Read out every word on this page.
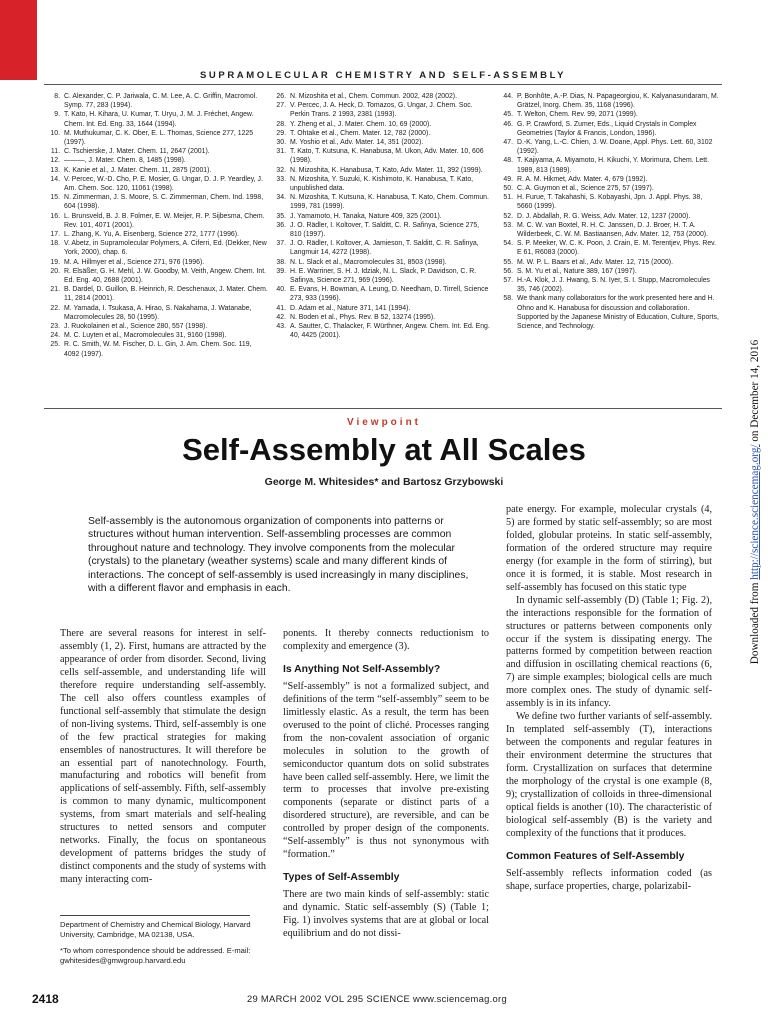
SUPRAMOLECULAR CHEMISTRY AND SELF-ASSEMBLY
8. C. Alexander, C. P. Jariwala, C. M. Lee, A. C. Griffin, Macromol. Symp. 77, 283 (1994).
9. T. Kato, H. Kihara, U. Kumar, T. Uryu, J. M. J. Fréchet, Angew. Chem. Int. Ed. Eng. 33, 1644 (1994).
10. M. Muthukumar, C. K. Ober, E. L. Thomas, Science 277, 1225 (1997).
11. C. Tschierske, J. Mater. Chem. 11, 2647 (2001).
12. ———, J. Mater. Chem. 8, 1485 (1998).
13. K. Kanie et al., J. Mater. Chem. 11, 2875 (2001).
14. V. Percec, W.-D. Cho, P. E. Mosier, G. Ungar, D. J. P. Yeardley, J. Am. Chem. Soc. 120, 11061 (1998).
15. N. Zimmerman, J. S. Moore, S. C. Zimmerman, Chem. Ind. 1998, 604 (1998).
16. L. Brunsveld, B. J. B. Folmer, E. W. Meijer, R. P. Sijbesma, Chem. Rev. 101, 4071 (2001).
17. L. Zhang, K. Yu, A. Eisenberg, Science 272, 1777 (1996).
18. V. Abetz, in Supramolecular Polymers, A. Ciferri, Ed. (Dekker, New York, 2000), chap. 6.
19. M. A. Hillmyer et al., Science 271, 976 (1996).
20. R. Elsäßer, G. H. Mehl, J. W. Goodby, M. Veith, Angew. Chem. Int. Ed. Eng. 40, 2688 (2001).
21. B. Dardel, D. Guillon, B. Heinrich, R. Deschenaux, J. Mater. Chem. 11, 2814 (2001).
22. M. Yamada, I. Tsukasa, A. Hirao, S. Nakahama, J. Watanabe, Macromolecules 28, 50 (1995).
23. J. Ruokolainen et al., Science 280, 557 (1998).
24. M. C. Luyten et al., Macromolecules 31, 9160 (1998).
25. R. C. Smith, W. M. Fischer, D. L. Gin, J. Am. Chem. Soc. 119, 4092 (1997).
26. N. Mizoshita et al., Chem. Commun. 2002, 428 (2002).
27. V. Percec, J. A. Heck, D. Tomazos, G. Ungar, J. Chem. Soc. Perkin Trans. 2 1993, 2381 (1993).
28. Y. Zheng et al., J. Mater. Chem. 10, 69 (2000).
29. T. Ohtake et al., Chem. Mater. 12, 782 (2000).
30. M. Yoshio et al., Adv. Mater. 14, 351 (2002).
31. T. Kato, T. Kutsuna, K. Hanabusa, M. Ukon, Adv. Mater. 10, 606 (1998).
32. N. Mizoshita, K. Hanabusa, T. Kato, Adv. Mater. 11, 392 (1999).
33. N. Mizoshita, Y. Suzuki, K. Kishimoto, K. Hanabusa, T. Kato, unpublished data.
34. N. Mizoshita, T. Kutsuna, K. Hanabusa, T. Kato, Chem. Commun. 1999, 781 (1999).
35. J. Yamamoto, H. Tanaka, Nature 409, 325 (2001).
36. J. O. Rädler, I. Koltover, T. Salditt, C. R. Safinya, Science 275, 810 (1997).
37. J. O. Rädler, I. Koltover, A. Jamieson, T. Salditt, C. R. Safinya, Langmuir 14, 4272 (1998).
38. N. L. Slack et al., Macromolecules 31, 8503 (1998).
39. H. E. Warriner, S. H. J. Idziak, N. L. Slack, P. Davidson, C. R. Safinya, Science 271, 969 (1996).
40. E. Evans, H. Bowman, A. Leung, D. Needham, D. Tirrell, Science 273, 933 (1996).
41. D. Adam et al., Nature 371, 141 (1994).
42. N. Boden et al., Phys. Rev. B 52, 13274 (1995).
43. A. Sautter, C. Thalacker, F. Würthner, Angew. Chem. Int. Ed. Eng. 40, 4425 (2001).
44. P. Bonhôte, A.-P. Dias, N. Papageorgiou, K. Kalyanasundaram, M. Grätzel, Inorg. Chem. 35, 1168 (1996).
45. T. Welton, Chem. Rev. 99, 2071 (1999).
46. G. P. Crawford, S. Zumer, Eds., Liquid Crystals in Complex Geometries (Taylor & Francis, London, 1996).
47. D.-K. Yang, L.-C. Chien, J. W. Doane, Appl. Phys. Lett. 60, 3102 (1992).
48. T. Kajiyama, A. Miyamoto, H. Kikuchi, Y. Morimura, Chem. Lett. 1989, 813 (1989).
49. R. A. M. Hikmet, Adv. Mater. 4, 679 (1992).
50. C. A. Guymon et al., Science 275, 57 (1997).
51. H. Furue, T. Takahashi, S. Kobayashi, Jpn. J. Appl. Phys. 38, 5660 (1999).
52. D. J. Abdallah, R. G. Weiss, Adv. Mater. 12, 1237 (2000).
53. M. C. W. van Boxtel, R. H. C. Janssen, D. J. Broer, H. T. A. Wilderbeek, C. W. M. Bastiaansen, Adv. Mater. 12, 753 (2000).
54. S. P. Meeker, W. C. K. Poon, J. Crain, E. M. Terentjev, Phys. Rev. E 61, R6083 (2000).
55. M. W. P. L. Baars et al., Adv. Mater. 12, 715 (2000).
56. S. M. Yu et al., Nature 389, 167 (1997).
57. H.-A. Klok, J. J. Hwang, S. N. Iyer, S. I. Stupp, Macromolecules 35, 746 (2002).
58. We thank many collaborators for the work presented here and H. Ohno and K. Hanabusa for discussion and collaboration. Supported by the Japanese Ministry of Education, Culture, Sports, Science, and Technology.
Viewpoint
Self-Assembly at All Scales
George M. Whitesides* and Bartosz Grzybowski
Self-assembly is the autonomous organization of components into patterns or structures without human intervention. Self-assembling processes are common throughout nature and technology. They involve components from the molecular (crystals) to the planetary (weather systems) scale and many different kinds of interactions. The concept of self-assembly is used increasingly in many disciplines, with a different flavor and emphasis in each.

There are several reasons for interest in self-assembly (1, 2). First, humans are attracted by the appearance of order from disorder. Second, living cells self-assemble, and understanding life will therefore require understanding self-assembly. The cell also offers countless examples of functional self-assembly that stimulate the design of non-living systems. Third, self-assembly is one of the few practical strategies for making ensembles of nanostructures. It will therefore be an essential part of nanotechnology. Fourth, manufacturing and robotics will benefit from applications of self-assembly. Fifth, self-assembly is common to many dynamic, multicomponent systems, from smart materials and self-healing structures to netted sensors and computer networks. Finally, the focus on spontaneous development of patterns bridges the study of distinct components and the study of systems with many interacting com-

ponents. It thereby connects reductionism to complexity and emergence (3).

Is Anything Not Self-Assembly?

“Self-assembly” is not a formalized subject, and definitions of the term “self-assembly” seem to be limitlessly elastic. As a result, the term has been overused to the point of cliché. Processes ranging from the non-covalent association of organic molecules in solution to the growth of semiconductor quantum dots on solid substrates have been called self-assembly. Here, we limit the term to processes that involve pre-existing components (separate or distinct parts of a disordered structure), are reversible, and can be controlled by proper design of the components. “Self-assembly” is thus not synonymous with “formation.”

Types of Self-Assembly

There are two main kinds of self-assembly: static and dynamic. Static self-assembly (S) (Table 1; Fig. 1) involves systems that are at global or local equilibrium and do not dissi-

pate energy. For example, molecular crystals (4, 5) are formed by static self-assembly; so are most folded, globular proteins. In static self-assembly, formation of the ordered structure may require energy (for example in the form of stirring), but once it is formed, it is stable. Most research in self-assembly has focused on this static type

In dynamic self-assembly (D) (Table 1; Fig. 2), the interactions responsible for the formation of structures or patterns between components only occur if the system is dissipating energy. The patterns formed by competition between reaction and diffusion in oscillating chemical reactions (6, 7) are simple examples; biological cells are much more complex ones. The study of dynamic self-assembly is in its infancy.

We define two further variants of self-assembly. In templated self-assembly (T), interactions between the components and regular features in their environment determine the structures that form. Crystallization on surfaces that determine the morphology of the crystal is one example (8, 9); crystallization of colloids in three-dimensional optical fields is another (10). The characteristic of biological self-assembly (B) is the variety and complexity of the functions that it produces.

Common Features of Self-Assembly

Self-assembly reflects information coded (as shape, surface properties, charge, polarizabil-

Department of Chemistry and Chemical Biology, Harvard University, Cambridge, MA 02138, USA.
*To whom correspondence should be addressed. E-mail: gwhitesides@gmwgroup.harvard.edu
2418	29 MARCH 2002 VOL 295 SCIENCE www.sciencemag.org
Downloaded from http://science.sciencemag.org/ on December 14, 2016
